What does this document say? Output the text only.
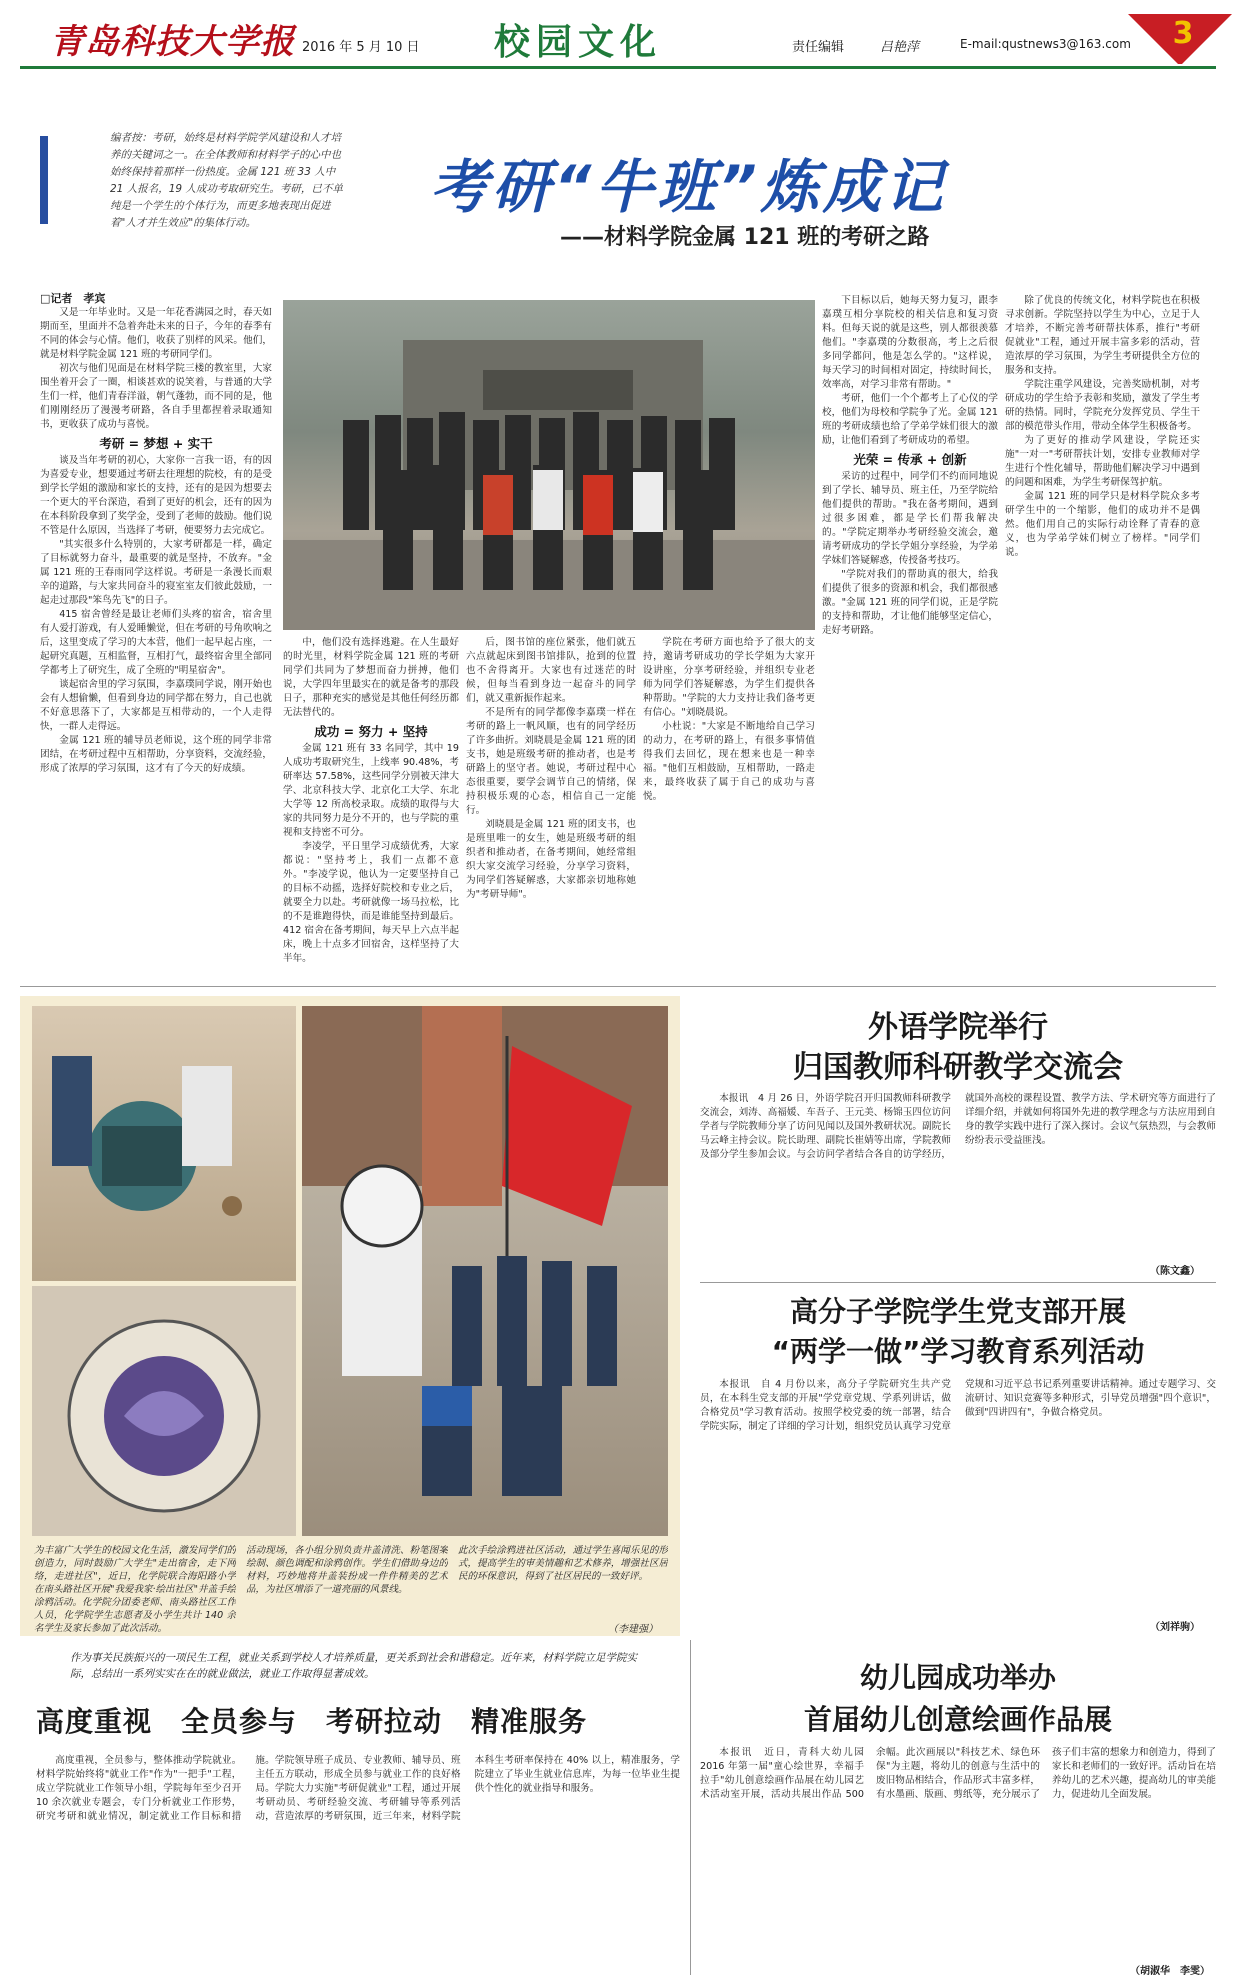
青岛科技大学报 2016 年 5 月 10 日 校园文化	责任编辑	吕艳萍	E-mail:qustnews3@163.com 3
编者按：考研，始终是材料学院学风建设和人才培养的关键词之一。在全体教师和材料学子的心中也始终保持着那样一份热度。金属 121 班 33 人中 21 人报名，19 人成功考取研究生。考研，已不单纯是一个学生的个体行为，而更多地表现出促进着"人才并生效应"的集体行动。
考研“牛班”炼成记
——材料学院金属 121 班的考研之路
□记者　孝宾

又是一年毕业时。又是一年花香满园之时，春天如期而至，里面并不急着奔赴未来的日子，今年的春季有不同的体会与心情。他们，收获了别样的风采。他们，就是材料学院金属 121 班的考研同学们。

初次与他们见面是在材料学院三楼的教室里，大家围坐着开会了一圈，相谈甚欢的说笑着，与普通的大学生们一样，他们青春洋溢，朝气蓬勃，而不同的是，他们刚刚经历了漫漫考研路，各自手里都捏着录取通知书，更收获了成功与喜悦。

考研 = 梦想 + 实干

谈及当年考研的初心，大家你一言我一语，有的因为喜爱专业，想要通过考研去往理想的院校，有的是受到学长学姐的激励和家长的支持，还有的是因为想要去一个更大的平台深造，看到了更好的机会，还有的因为在本科阶段拿到了奖学金，受到了老师的鼓励。他们说不管是什么原因，当选择了考研，便要努力去完成它。

"其实很多什么特别的，大家考研都是一样，确定了目标就努力奋斗，最重要的就是坚持，不放弃。"金属 121 班的王春雨同学这样说。考研是一条漫长而艰辛的道路，与大家共同奋斗的寝室室友们彼此鼓励，一起走过那段"笨鸟先飞"的日子。

415 宿舍曾经是最让老师们头疼的宿舍，宿舍里有人爱打游戏，有人爱睡懒觉，但在考研的号角吹响之后，这里变成了学习的大本营，他们一起早起占座，一起研究真题，互相监督，互相打气，最终宿舍里全部同学都考上了研究生，成了全班的"明星宿舍"。

谈起宿舍里的学习氛围，李嘉璞同学说，刚开始也会有人想偷懒，但看到身边的同学都在努力，自己也就不好意思落下了，大家都是互相带动的，一个人走得快，一群人走得远。

金属 121 班的辅导员老师说，这个班的同学非常团结，在考研过程中互相帮助，分享资料，交流经验，形成了浓厚的学习氛围，这才有了今天的好成绩。

中，他们没有选择逃避。在人生最好的时光里，材料学院金属 121 班的考研同学们共同为了梦想而奋力拼搏，他们说，大学四年里最实在的就是备考的那段日子，那种充实的感觉是其他任何经历都无法替代的。

成功 = 努力 + 坚持

金属 121 班有 33 名同学，其中 19 人成功考取研究生，上线率 90.48%，考研率达 57.58%，这些同学分别被天津大学、北京科技大学、北京化工大学、东北大学等 12 所高校录取。成绩的取得与大家的共同努力是分不开的，也与学院的重视和支持密不可分。

李凌学，平日里学习成绩优秀，大家都说："坚持考上，我们一点都不意外。"李凌学说，他认为一定要坚持自己的目标不动摇，选择好院校和专业之后，就要全力以赴。考研就像一场马拉松，比的不是谁跑得快，而是谁能坚持到最后。412 宿舍在备考期间，每天早上六点半起床，晚上十点多才回宿舍，这样坚持了大半年。

后，图书馆的座位紧张，他们就五六点就起床到图书馆排队，抢到的位置也不舍得离开。大家也有过迷茫的时候，但每当看到身边一起奋斗的同学们，就又重新振作起来。

不是所有的同学都像李嘉璞一样在考研的路上一帆风顺，也有的同学经历了许多曲折。刘晓晨是金属 121 班的团支书，她是班级考研的推动者，也是考研路上的坚守者。她说，考研过程中心态很重要，要学会调节自己的情绪，保持积极乐观的心态，相信自己一定能行。

刘晓晨是金属 121 班的团支书，也是班里唯一的女生，她是班级考研的组织者和推动者，在备考期间，她经常组织大家交流学习经验，分享学习资料，为同学们答疑解惑，大家都亲切地称她为"考研导师"。

学院在考研方面也给予了很大的支持，邀请考研成功的学长学姐为大家开设讲座，分享考研经验，并组织专业老师为同学们答疑解惑，为学生们提供各种帮助。"学院的大力支持让我们备考更有信心。"刘晓晨说。

小杜说："大家是不断地给自己学习的动力，在考研的路上，有很多事情值得我们去回忆，现在想来也是一种幸福。"他们互相鼓励，互相帮助，一路走来，最终收获了属于自己的成功与喜悦。

下目标以后，她每天努力复习，跟李嘉璞互相分享院校的相关信息和复习资料。但每天说的就是这些，别人都很羡慕他们。"李嘉璞的分数很高，考上之后很多同学都问，他是怎么学的。"这样说，每天学习的时间相对固定，持续时间长，效率高，对学习非常有帮助。"

考研，他们一个个都考上了心仪的学校，他们为母校和学院争了光。金属 121 班的考研成绩也给了学弟学妹们很大的激励，让他们看到了考研成功的希望。

光荣 = 传承 + 创新

采访的过程中，同学们不约而同地说到了学长、辅导员、班主任，乃至学院给他们提供的帮助。"我在备考期间，遇到过很多困难，都是学长们帮我解决的。"学院定期举办考研经验交流会，邀请考研成功的学长学姐分享经验，为学弟学妹们答疑解惑，传授备考技巧。

"学院对我们的帮助真的很大，给我们提供了很多的资源和机会，我们都很感激。"金属 121 班的同学们说，正是学院的支持和帮助，才让他们能够坚定信心，走好考研路。

除了优良的传统文化，材料学院也在积极寻求创新。学院坚持以学生为中心，立足于人才培养，不断完善考研帮扶体系，推行"考研促就业"工程，通过开展丰富多彩的活动，营造浓厚的学习氛围，为学生考研提供全方位的服务和支持。

学院注重学风建设，完善奖励机制，对考研成功的学生给予表彰和奖励，激发了学生考研的热情。同时，学院充分发挥党员、学生干部的模范带头作用，带动全体学生积极备考。

为了更好的推动学风建设，学院还实施"一对一"考研帮扶计划，安排专业教师对学生进行个性化辅导，帮助他们解决学习中遇到的问题和困难，为学生考研保驾护航。

金属 121 班的同学只是材料学院众多考研学生中的一个缩影，他们的成功并不是偶然。他们用自己的实际行动诠释了青春的意义，也为学弟学妹们树立了榜样。"同学们说。

为丰富广大学生的校园文化生活，激发同学们的创造力，同时鼓励广大学生"走出宿舍，走下网络，走进社区"，近日，化学院联合海阳路小学在南头路社区开展"我爱我家·绘出社区"井盖手绘涂鸦活动。化学院分团委老师、南头路社区工作人员，化学院学生志愿者及小学生共计 140 余名学生及家长参加了此次活动。
活动现场，各小组分别负责井盖清洗、粉笔图案绘制、颜色调配和涂鸦创作。学生们借助身边的材料，巧妙地将井盖装扮成一件件精美的艺术品，为社区增添了一道亮丽的风景线。
此次手绘涂鸦进社区活动，通过学生喜闻乐见的形式，提高学生的审美情趣和艺术修养，增强社区居民的环保意识，得到了社区居民的一致好评。
（李建强）
外语学院举行
归国教师科研教学交流会
本报讯　4 月 26 日，外语学院召开归国教师科研教学交流会，刘涛、高福媛、车吾子、王元美、杨锦玉四位访问学者与学院教师分享了访问见闻以及国外教研状况。副院长马云峰主持会议。院长助理、副院长崔婧等出席，学院教师及部分学生参加会议。与会访问学者结合各自的访学经历，就国外高校的课程设置、教学方法、学术研究等方面进行了详细介绍，并就如何将国外先进的教学理念与方法应用到自身的教学实践中进行了深入探讨。会议气氛热烈，与会教师纷纷表示受益匪浅。
（陈文鑫）
高分子学院学生党支部开展
“两学一做”学习教育系列活动
本报讯　自 4 月份以来，高分子学院研究生共产党员，在本科生党支部的开展"学党章党规、学系列讲话，做合格党员"学习教育活动。按照学校党委的统一部署，结合学院实际，制定了详细的学习计划，组织党员认真学习党章党规和习近平总书记系列重要讲话精神。通过专题学习、交流研讨、知识竞赛等多种形式，引导党员增强"四个意识"，做到"四讲四有"，争做合格党员。
（刘祥驹）
作为事关民族振兴的一项民生工程，就业关系到学校人才培养质量，更关系到社会和谐稳定。近年来，材料学院立足学院实际，总结出一系列实实在在的就业做法，就业工作取得显著成效。
高度重视　全员参与　考研拉动　精准服务
高度重视，全员参与，整体推动学院就业。材料学院始终将"就业工作"作为"一把手"工程，成立学院就业工作领导小组，学院每年至少召开 10 余次就业专题会，专门分析就业工作形势，研究考研和就业情况，制定就业工作目标和措施。学院领导班子成员、专业教师、辅导员、班主任五方联动，形成全员参与就业工作的良好格局。学院大力实施"考研促就业"工程，通过开展考研动员、考研经验交流、考研辅导等系列活动，营造浓厚的考研氛围，近三年来，材料学院本科生考研率保持在 40% 以上，精准服务，学院建立了毕业生就业信息库，为每一位毕业生提供个性化的就业指导和服务。
幼儿园成功举办
首届幼儿创意绘画作品展
本报讯　近日，青科大幼儿园 2016 年第一届"童心绘世界，幸福手拉手"幼儿创意绘画作品展在幼儿园艺术活动室开展，活动共展出作品 500 余幅。此次画展以"科技艺术、绿色环保"为主题，将幼儿的创意与生活中的废旧物品相结合，作品形式丰富多样，有水墨画、版画、剪纸等，充分展示了孩子们丰富的想象力和创造力，得到了家长和老师们的一致好评。活动旨在培养幼儿的艺术兴趣，提高幼儿的审美能力，促进幼儿全面发展。
（胡淑华　李雯）
